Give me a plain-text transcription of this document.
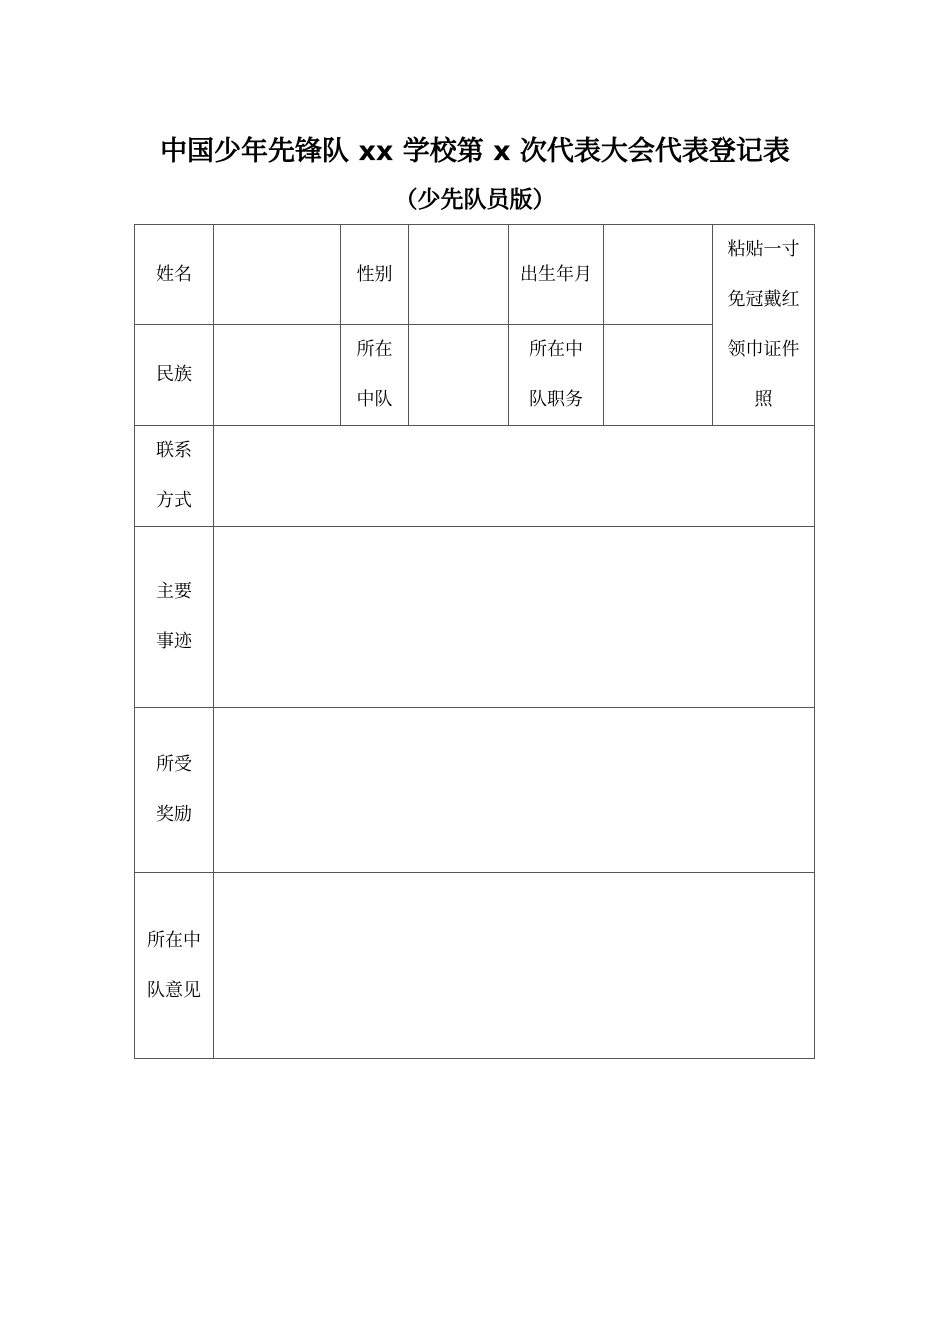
中国少年先锋队 xx 学校第 x 次代表大会代表登记表
（少先队员版）
姓名		性别		出生年月		粘贴一寸免冠戴红领巾证件照
民族		所在中队		所在中队职务		
联系方式						
主要事迹						
所受奖励						
所在中队意见						
